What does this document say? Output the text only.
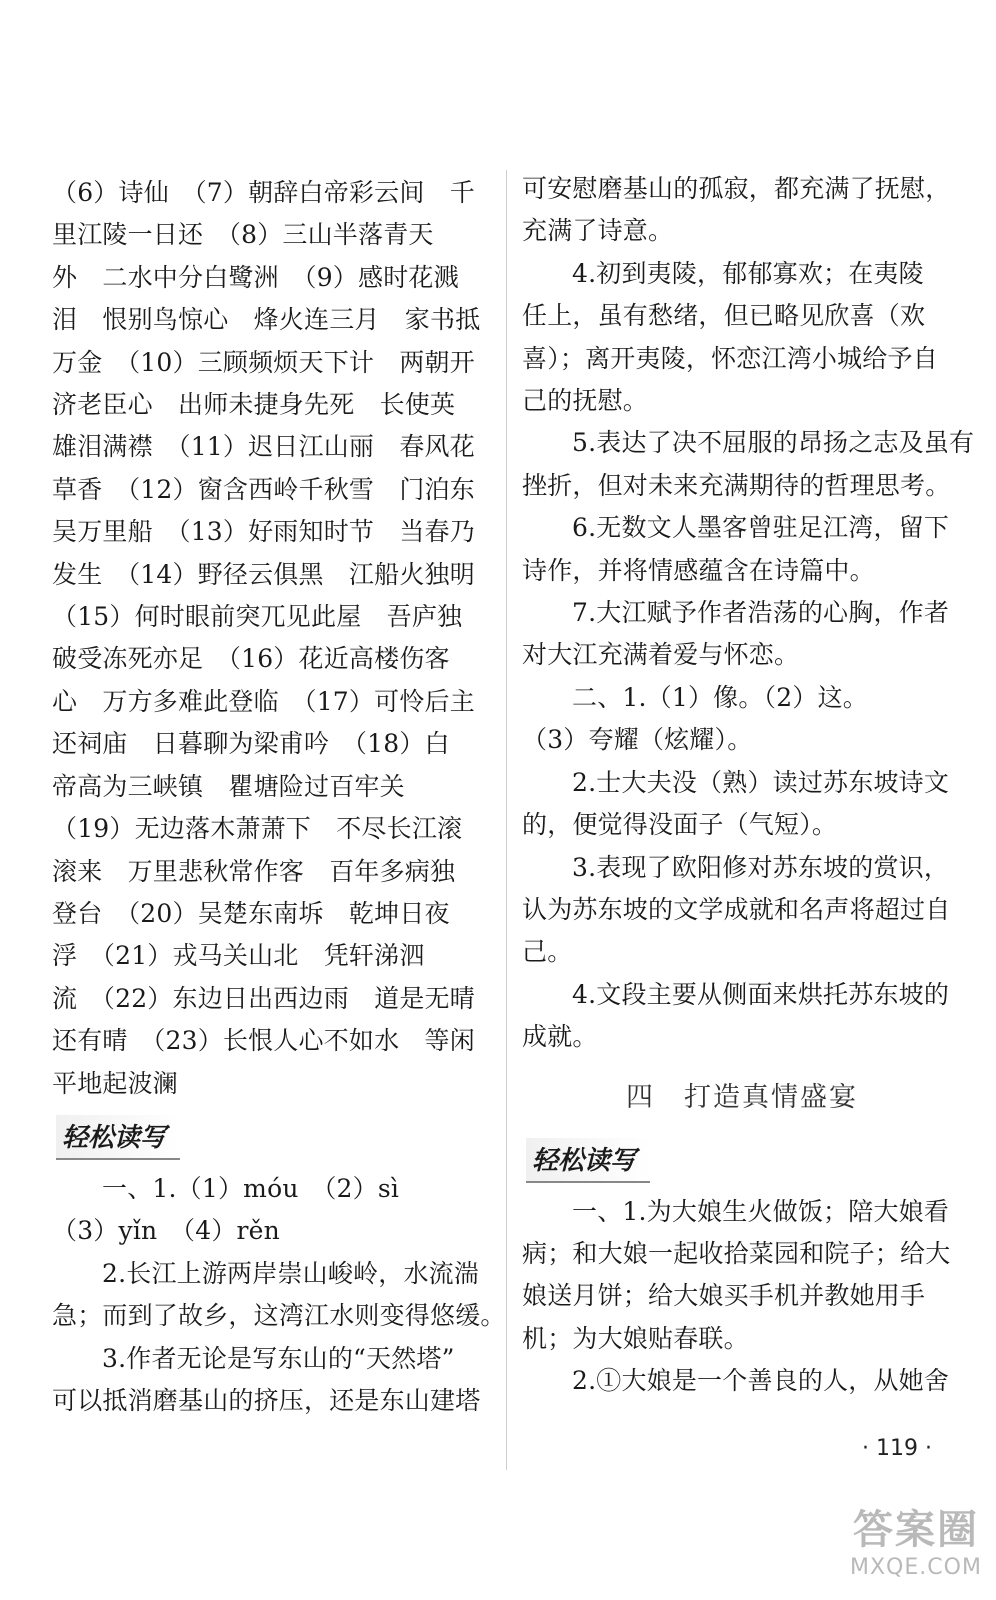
（6）诗仙　（7）朝辞白帝彩云间　千
里江陵一日还　（8）三山半落青天
外　二水中分白鹭洲　（9）感时花溅
泪　恨别鸟惊心　烽火连三月　家书抵
万金　（10）三顾频烦天下计　两朝开
济老臣心　出师未捷身先死　长使英
雄泪满襟　（11）迟日江山丽　春风花
草香　（12）窗含西岭千秋雪　门泊东
吴万里船　（13）好雨知时节　当春乃
发生　（14）野径云俱黑　江船火独明
（15）何时眼前突兀见此屋　吾庐独
破受冻死亦足　（16）花近高楼伤客
心　万方多难此登临　（17）可怜后主
还祠庙　日暮聊为梁甫吟　（18）白
帝高为三峡镇　瞿塘险过百牢关
（19）无边落木萧萧下　不尽长江滚
滚来　万里悲秋常作客　百年多病独
登台　（20）吴楚东南坼　乾坤日夜
浮　（21）戎马关山北　凭轩涕泗
流　（22）东边日出西边雨　道是无晴
还有晴　（23）长恨人心不如水　等闲
平地起波澜
轻松读写
一、1.（1）móu　（2）sì
（3）yǐn　（4）rěn
2.长江上游两岸崇山峻岭，水流湍
急；而到了故乡，这湾江水则变得悠缓。
3.作者无论是写东山的“天然塔”
可以抵消磨基山的挤压，还是东山建塔
可安慰磨基山的孤寂，都充满了抚慰，
充满了诗意。
4.初到夷陵，郁郁寡欢；在夷陵
任上，虽有愁绪，但已略见欣喜（欢
喜）；离开夷陵，怀恋江湾小城给予自
己的抚慰。
5.表达了决不屈服的昂扬之志及虽有
挫折，但对未来充满期待的哲理思考。
6.无数文人墨客曾驻足江湾，留下
诗作，并将情感蕴含在诗篇中。
7.大江赋予作者浩荡的心胸，作者
对大江充满着爱与怀恋。
二、1.（1）像。（2）这。
（3）夸耀（炫耀）。
2.士大夫没（熟）读过苏东坡诗文
的，便觉得没面子（气短）。
3.表现了欧阳修对苏东坡的赏识，
认为苏东坡的文学成就和名声将超过自
己。
4.文段主要从侧面来烘托苏东坡的
成就。
四　打造真情盛宴
轻松读写
一、1.为大娘生火做饭；陪大娘看
病；和大娘一起收拾菜园和院子；给大
娘送月饼；给大娘买手机并教她用手
机；为大娘贴春联。
2.①大娘是一个善良的人，从她舍
· 119 ·
答案圈
MXQE.COM
